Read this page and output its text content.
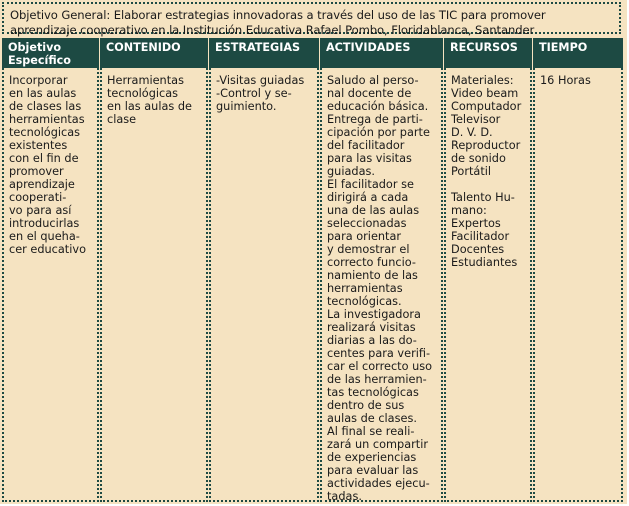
Objetivo General: Elaborar estrategias innovadoras a través del uso de las TIC para promover
aprendizaje cooperativo en la Institución Educativa Rafael Pombo, Floridablanca, Santander
Objetivo
Específico
Incorporar
en las aulas
de clases las
herramientas
tecnológicas
existentes
con el fin de
promover
aprendizaje
cooperati-
vo para así
introducirlas
en el queha-
cer educativo
CONTENIDO
Herramientas
tecnológicas
en las aulas de
clase
ESTRATEGIAS
-Visitas guiadas
-Control y se-
guimiento.
ACTIVIDADES
Saludo al perso-
nal docente de
educación básica.
Entrega de parti-
cipación por parte
del facilitador
para las visitas
guiadas.
El facilitador se
dirigirá a cada
una de las aulas
seleccionadas
para orientar
y demostrar el
correcto funcio-
namiento de las
herramientas
tecnológicas.
La investigadora
realizará visitas
diarias a las do-
centes para verifi-
car el correcto uso
de las herramien-
tas tecnológicas
dentro de sus
aulas de clases.
Al final se reali-
zará un compartir
de experiencias
para evaluar las
actividades ejecu-
tadas.
RECURSOS
Materiales:
Video beam
Computador
Televisor
D. V. D.
Reproductor
de sonido
Portátil
Talento Hu-
mano:
Expertos
Facilitador
Docentes
Estudiantes
TIEMPO
16 Horas
